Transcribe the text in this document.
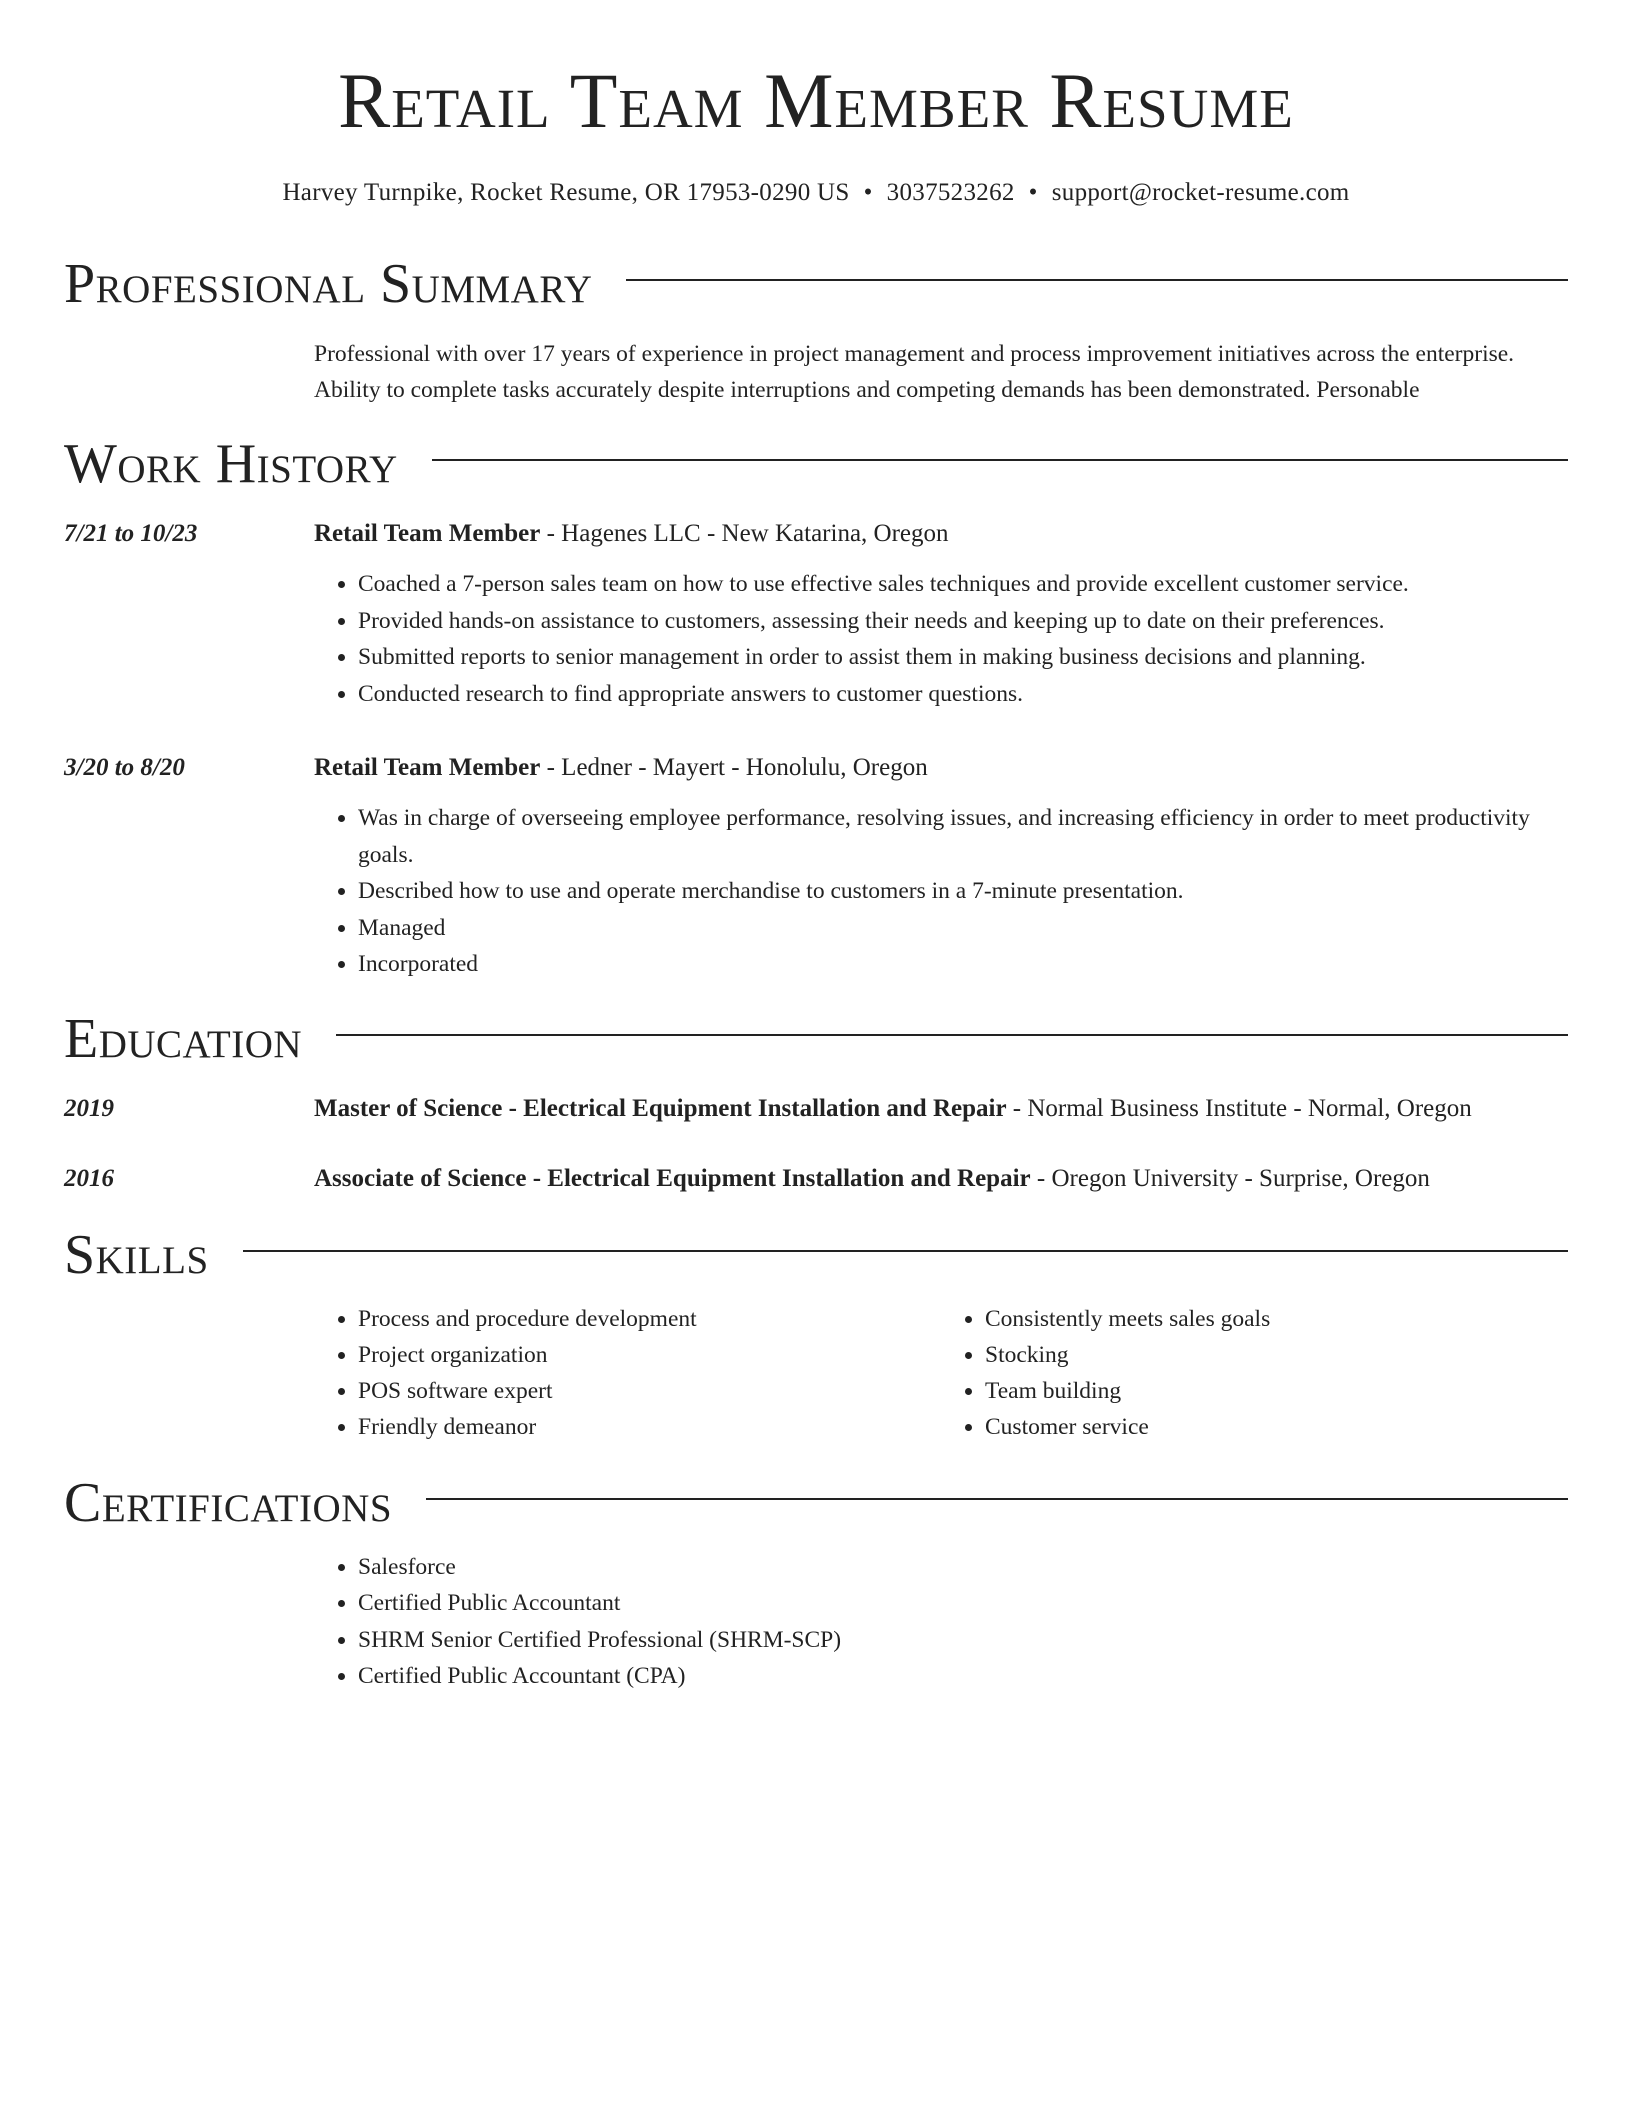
Retail Team Member Resume
Harvey Turnpike, Rocket Resume, OR 17953-0290 US • 3037523262 • support@rocket-resume.com
Professional Summary
Professional with over 17 years of experience in project management and process improvement initiatives across the enterprise. Ability to complete tasks accurately despite interruptions and competing demands has been demonstrated. Personable
Work History
7/21 to 10/23	Retail Team Member - Hagenes LLC - New Katarina, Oregon
• Coached a 7-person sales team on how to use effective sales techniques and provide excellent customer service.
• Provided hands-on assistance to customers, assessing their needs and keeping up to date on their preferences.
• Submitted reports to senior management in order to assist them in making business decisions and planning.
• Conducted research to find appropriate answers to customer questions.
3/20 to 8/20	Retail Team Member - Ledner - Mayert - Honolulu, Oregon
• Was in charge of overseeing employee performance, resolving issues, and increasing efficiency in order to meet productivity goals.
• Described how to use and operate merchandise to customers in a 7-minute presentation.
• Managed
• Incorporated
Education
2019	Master of Science - Electrical Equipment Installation and Repair - Normal Business Institute - Normal, Oregon
2016	Associate of Science - Electrical Equipment Installation and Repair - Oregon University - Surprise, Oregon
Skills
• Process and procedure development
• Project organization
• POS software expert
• Friendly demeanor
• Consistently meets sales goals
• Stocking
• Team building
• Customer service
Certifications
• Salesforce
• Certified Public Accountant
• SHRM Senior Certified Professional (SHRM-SCP)
• Certified Public Accountant (CPA)
